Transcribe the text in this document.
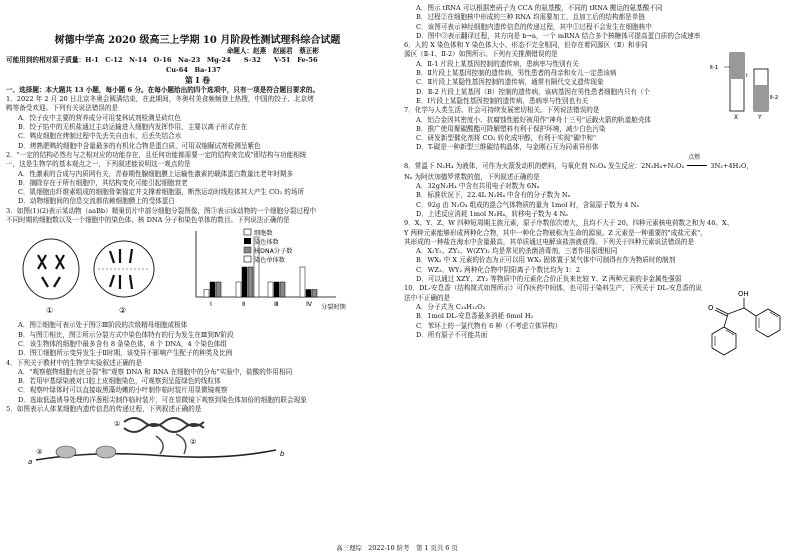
树德中学高 2020 级高三上学期 10 月阶段性测试理科综合试题
命题人：赵燕　赵丽君　蔡正彬
可能用到的相对原子质量：H-1　C-12　N-14　O-16　Na-23　Mg-24　　S-32　　V-51　Fe-56
Cu-64　Ba-137
第 I 卷
一、选择题：本大题共 13 小题，每小题 6 分。在每小题给出的四个选项中，只有一项是符合题目要求的。

1．2022 年 2 月 20 日北京冬奥会圆满结束，在此期间，冬奥村美食频频登上热搜，中国的饺子、北京烤

鸭等备受欢迎。下列有关说法错误的是

A．饺子皮中主要的营养成分可用斐林试剂检测呈砖红色

B．饺子馅中的无机盐通过主动运输进入细胞内发挥作用，主要以离子形式存在

C．鸭皮细胞在烤制过程中先丢失自由水，后丢失结合水

D．烤熟肥鸭的细胞中含量最多的有机化合物是蛋白质，可用双缩脲试剂检测呈紫色

2．"一定的结构必然有与之相对应的功能存在，且任何功能都需要一定的结构来完成"即结构与功能相统

一，这是生物学的基本观点之一，下列叙述能说明这一观点的是

A．性激素的合成与内质网有关，青春期性腺细胞膜上运输性激素的载体蛋白数量比老年时期多

B．摘除存在于所有细胞中，其结构变化可能引起细胞衰老

C．肌细胞由纤维素组成的细胞骨架锚定并支撑着细胞器，断然运动时线粒体其大产生 CO₂ 的场所

D．动物细胞间的信息交流都依赖细胞膜上的受体蛋白

3．如图(1)(2)表示某动物（aaBb）精巢切片中部分细胞分裂图像，图③表示该动物的一个细胞分裂过程中

不同时期的细胞数以及一个细胞中的染色体、核 DNA 分子和染色单体的数目。下列说法正确的是

①	②
细胞数
染色体数
核DNA分子数
染色单体数
Ⅰ	Ⅱ	Ⅲ	Ⅳ 分裂时期

A．图②细胞可表示处于图③Ⅲ阶段的次级精母细胞或极体

B．与图①相比，图②所示分裂方式中染色体特有的行为发生在Ⅲ到Ⅳ阶段

C．该生物体的细胞中最多含有 8 条染色体，8 个 DNA，4 个染色体组

D．图①细胞所示变异发生于Ⅱ时期，该变异不影响产生配子的种类及比例

4．下列关于教材中的生物学实验叙述正确的是

A．"观察植物细胞有丝分裂"和"观察 DNA 和 RNA 在细胞中的分布"实验中，盐酸的作用相同

B．若用甲基绿染液对口腔上皮细胞染色，可观察到呈蓝绿色的线粒体

C．观察叶绿体时可以直接取黑藻幼嫩的小叶制作临时装片用显微镜观察

D．选取低温诱导处理的洋葱根尖制作临时装片，可在显微镜下观察到染色体加倍的细胞的联会现象

5．如图表示人体某细胞内遗传信息的传递过程，下列叙述正确的是

①
②
③
a
b

A．图示 tRNA 可以根据密码子为 CCA 的氨基酸，不同的 tRNA 搬运的氨基酸不同

B．过程②在细胞核中形成的三种 RNA 均需要加工，且加工后的结构都是单链

C．该图可表示神经细胞内遗传信息的传递过程，其中①过程不会发生在细胞核中

D．图中③表示翻译过程，其方向是 b→a，一个 mRNA 结合多个核糖体可提高蛋白质的合成速率

6．人的 X 染色体和 Y 染色体大小、形态不完全相同，但存在着同源区（Ⅱ）和非同

源区（Ⅱ-1、Ⅱ-2）如图所示。下列有关推测错误的是

A．Ⅱ-1 片段上某基因控制的遗传病，患病率与性别有关

B．Ⅱ片段上某基因控制的遗传病，男性患者的母亲和女儿一定患该病

C．Ⅱ片段上某隐性基因控制的遗传病，通常有隔代交叉遗传现象

D．Ⅱ-2 片段上某基因（B）控制的遗传病，该病基因在男性患者细胞内只有（个

E．Ⅰ片段上某隐性基因控制的遗传病，患病率与性别也有关

Ⅱ-1
Ⅰ
Ⅱ-2
X	Y

7．化学与人类生活、社会可持续发展密切相关。下列说法错误的是

A．铝合金因其密度小、抗腐蚀性能好被用作"神舟十三号"运载火箭的轨道舱壳体

B．推广使用聚碳酸酯可降解塑料有利于保护环境，减少白色污染

C．研发新型催化剂将 CO₂ 转化成甲醇，有利于实现"碳中和"

D．T-碳是一种新型三维碳结构晶体，与金刚石互为同素异形体

8．常温下 N₂H₄ 为液体，可作为火箭发动机的燃料，与氧化剂 N₂O₄ 发生反应：2N₂H₄+N₂O₄
点燃
3N₂+4H₂O，

Nₐ 为阿伏加德罗常数的值，下列叙述正确的是

A．32gN₂H₄ 中含有共用电子对数为 6Nₐ

B．标准状况下，22.4L N₂H₄ 中含有的分子数为 Nₐ

C．92g 由 N₂O₄ 组成的混合气体物质的量为 1mol 时，含氮原子数为 4 Nₐ

D．上述反应消耗 1mol N₂H₄，转移电子数为 4 Nₐ

9．X、Y、Z、W 四种短周期主族元素，原子序数依次增大，且均不大于 20。四种元素核电荷数之和为 46。X、

Y 两种元素能够形成两种化合物，其中一种化合物被称为生命的源泉。Z 元素是一种重要的"成盐元素"，

其形成的一种盐在海水中含量最高，其单质通过电解该盐溶液获得。下列关于四种元素说法错误的是

A．X₂Y₂、ZY₂、W(ZY)₂ 均是常见的杀菌消毒剂，三者作用原理相同

B．WX₂ 中 X 元素的价态为正可以用 WX₂ 固体置于某气体中可制得有作为物质时的制剂

C．WZ₂、WY₂ 两种化合物中阴阳离子个数比均为 1：2

D．可以通过 XZY、ZY₂ 等物质中的元素化合价正负来比较 Y、Z 两种元素的非金属性强弱

10．DL-安息香（结构简式如图所示）可作医药中间体，也可用于染料生产，下列关于 DL-安息香的说

法中不正确的是

A．分子式为 C₁₄H₁₂O₂

B．1mol DL-安息香最多消耗 6mol H₂

C．苯环上的一氯代物有 6 种（不考虑立体异构）

D．所有原子不可能共面

O
OH
高三理综　2022-10 阶考　第 1 页共 6 页
